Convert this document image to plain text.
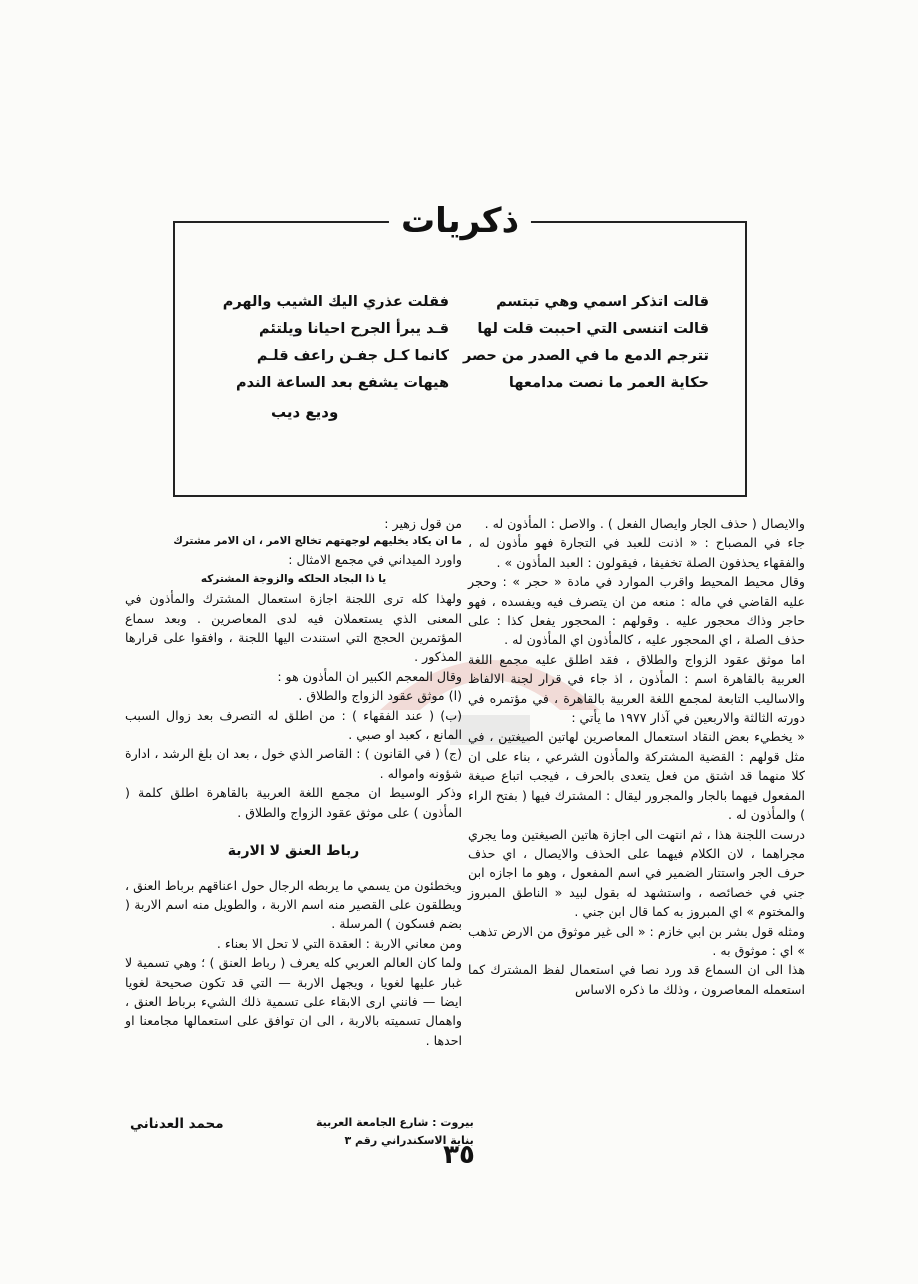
ذكريات
قالت اتذكر اسمي وهي تبتسم
فقلت عذري اليك الشيب والهرم
قالت اتنسى التي احببت قلت لها
قـد يبرأ الجرح احيانا ويلتئم
تترجم الدمع ما في الصدر من حصر
كانما كـل جفـن راعف قلـم
حكاية العمر ما نصت مدامعها
هيهات يشفع بعد الساعة الندم
وديع ديب

والايصال ( حذف الجار وايصال الفعل ) . والاصل : المأذون له .

جاء في المصباح : « اذنت للعبد في التجارة فهو مأذون له ، والفقهاء يحذفون الصلة تخفيفا ، فيقولون : العبد المأذون » .

وقال محيط المحيط واقرب الموارد في مادة « حجر » : وحجر عليه القاضي في ماله : منعه من ان يتصرف فيه ويفسده ، فهو حاجر وذاك محجور عليه . وقولهم : المحجور يفعل كذا : على حذف الصلة ، اي المحجور عليه ، كالمأذون اي المأذون له .

اما موثق عقود الزواج والطلاق ، فقد اطلق عليه مجمع اللغة العربية بالقاهرة اسم : المأذون ، اذ جاء في قرار لجنة الالفاظ والاساليب التابعة لمجمع اللغة العربية بالقاهرة ، في مؤتمره في دورته الثالثة والاربعين في آذار ١٩٧٧ ما يأتي :

« يخطيء بعض النقاد استعمال المعاصرين لهاتين الصيغتين ، في مثل قولهم : القضية المشتركة والمأذون الشرعي ، بناء على ان كلا منهما قد اشتق من فعل يتعدى بالحرف ، فيجب اتباع صيغة المفعول فيهما بالجار والمجرور ليقال : المشترك فيها ( بفتح الراء ) والمأذون له .

درست اللجنة هذا ، ثم انتهت الى اجازة هاتين الصيغتين وما يجري مجراهما ، لان الكلام فيهما على الحذف والايصال ، اي حذف حرف الجر واستتار الضمير في اسم المفعول ، وهو ما اجازه ابن جني في خصائصه ، واستشهد له بقول لبيد « الناطق المبروز والمختوم » اي المبروز به كما قال ابن جني .

ومثله قول بشر بن ابي خازم : « الى غير موثوق من الارض تذهب » اي : موثوق به .

هذا الى ان السماع قد ورد نصا في استعمال لفظ المشترك كما استعمله المعاصرون ، وذلك ما ذكره الاساس

من قول زهير :

ما ان يكاد يخليهم لوجهتهم تخالج الامر ، ان الامر مشترك

واورد الميداني في مجمع الامثال :

يا ذا البجاد الحلكه والزوجة المشتركه

ولهذا كله ترى اللجنة اجازة استعمال المشترك والمأذون في المعنى الذي يستعملان فيه لدى المعاصرين . وبعد سماع المؤتمرين الحجج التي استندت اليها اللجنة ، وافقوا على قرارها المذكور .

وقال المعجم الكبير ان المأذون هو :

(ا) موثق عقود الزواج والطلاق .

(ب) ( عند الفقهاء ) : من اطلق له التصرف بعد زوال السبب المانع ، كعبد او صبي .

(ج) ( في القانون ) : القاصر الذي خول ، بعد ان بلغ الرشد ، ادارة شؤونه وامواله .

وذكر الوسيط ان مجمع اللغة العربية بالقاهرة اطلق كلمة ( المأذون ) على موثق عقود الزواج والطلاق .

رباط العنق لا الاربة

ويخطئون من يسمي ما يربطه الرجال حول اعناقهم برباط العنق ، ويطلقون على القصير منه اسم الاربة ، والطويل منه اسم الاربة ( بضم فسكون ) المرسلة .

ومن معاني الاربة : العقدة التي لا تحل الا بعناء .

ولما كان العالم العربي كله يعرف ( رباط العنق ) ؛ وهي تسمية لا غبار عليها لغويا ، ويجهل الاربة — التي قد تكون صحيحة لغويا ايضا — فانني ارى الابقاء على تسمية ذلك الشيء برباط العنق ، واهمال تسميته بالاربة ، الى ان توافق على استعمالها مجامعنا او احدها .

بيروت : شارع الجامعة العربية
بناية الاسكندراني رقم ٣
محمد العدناني
٣٥
